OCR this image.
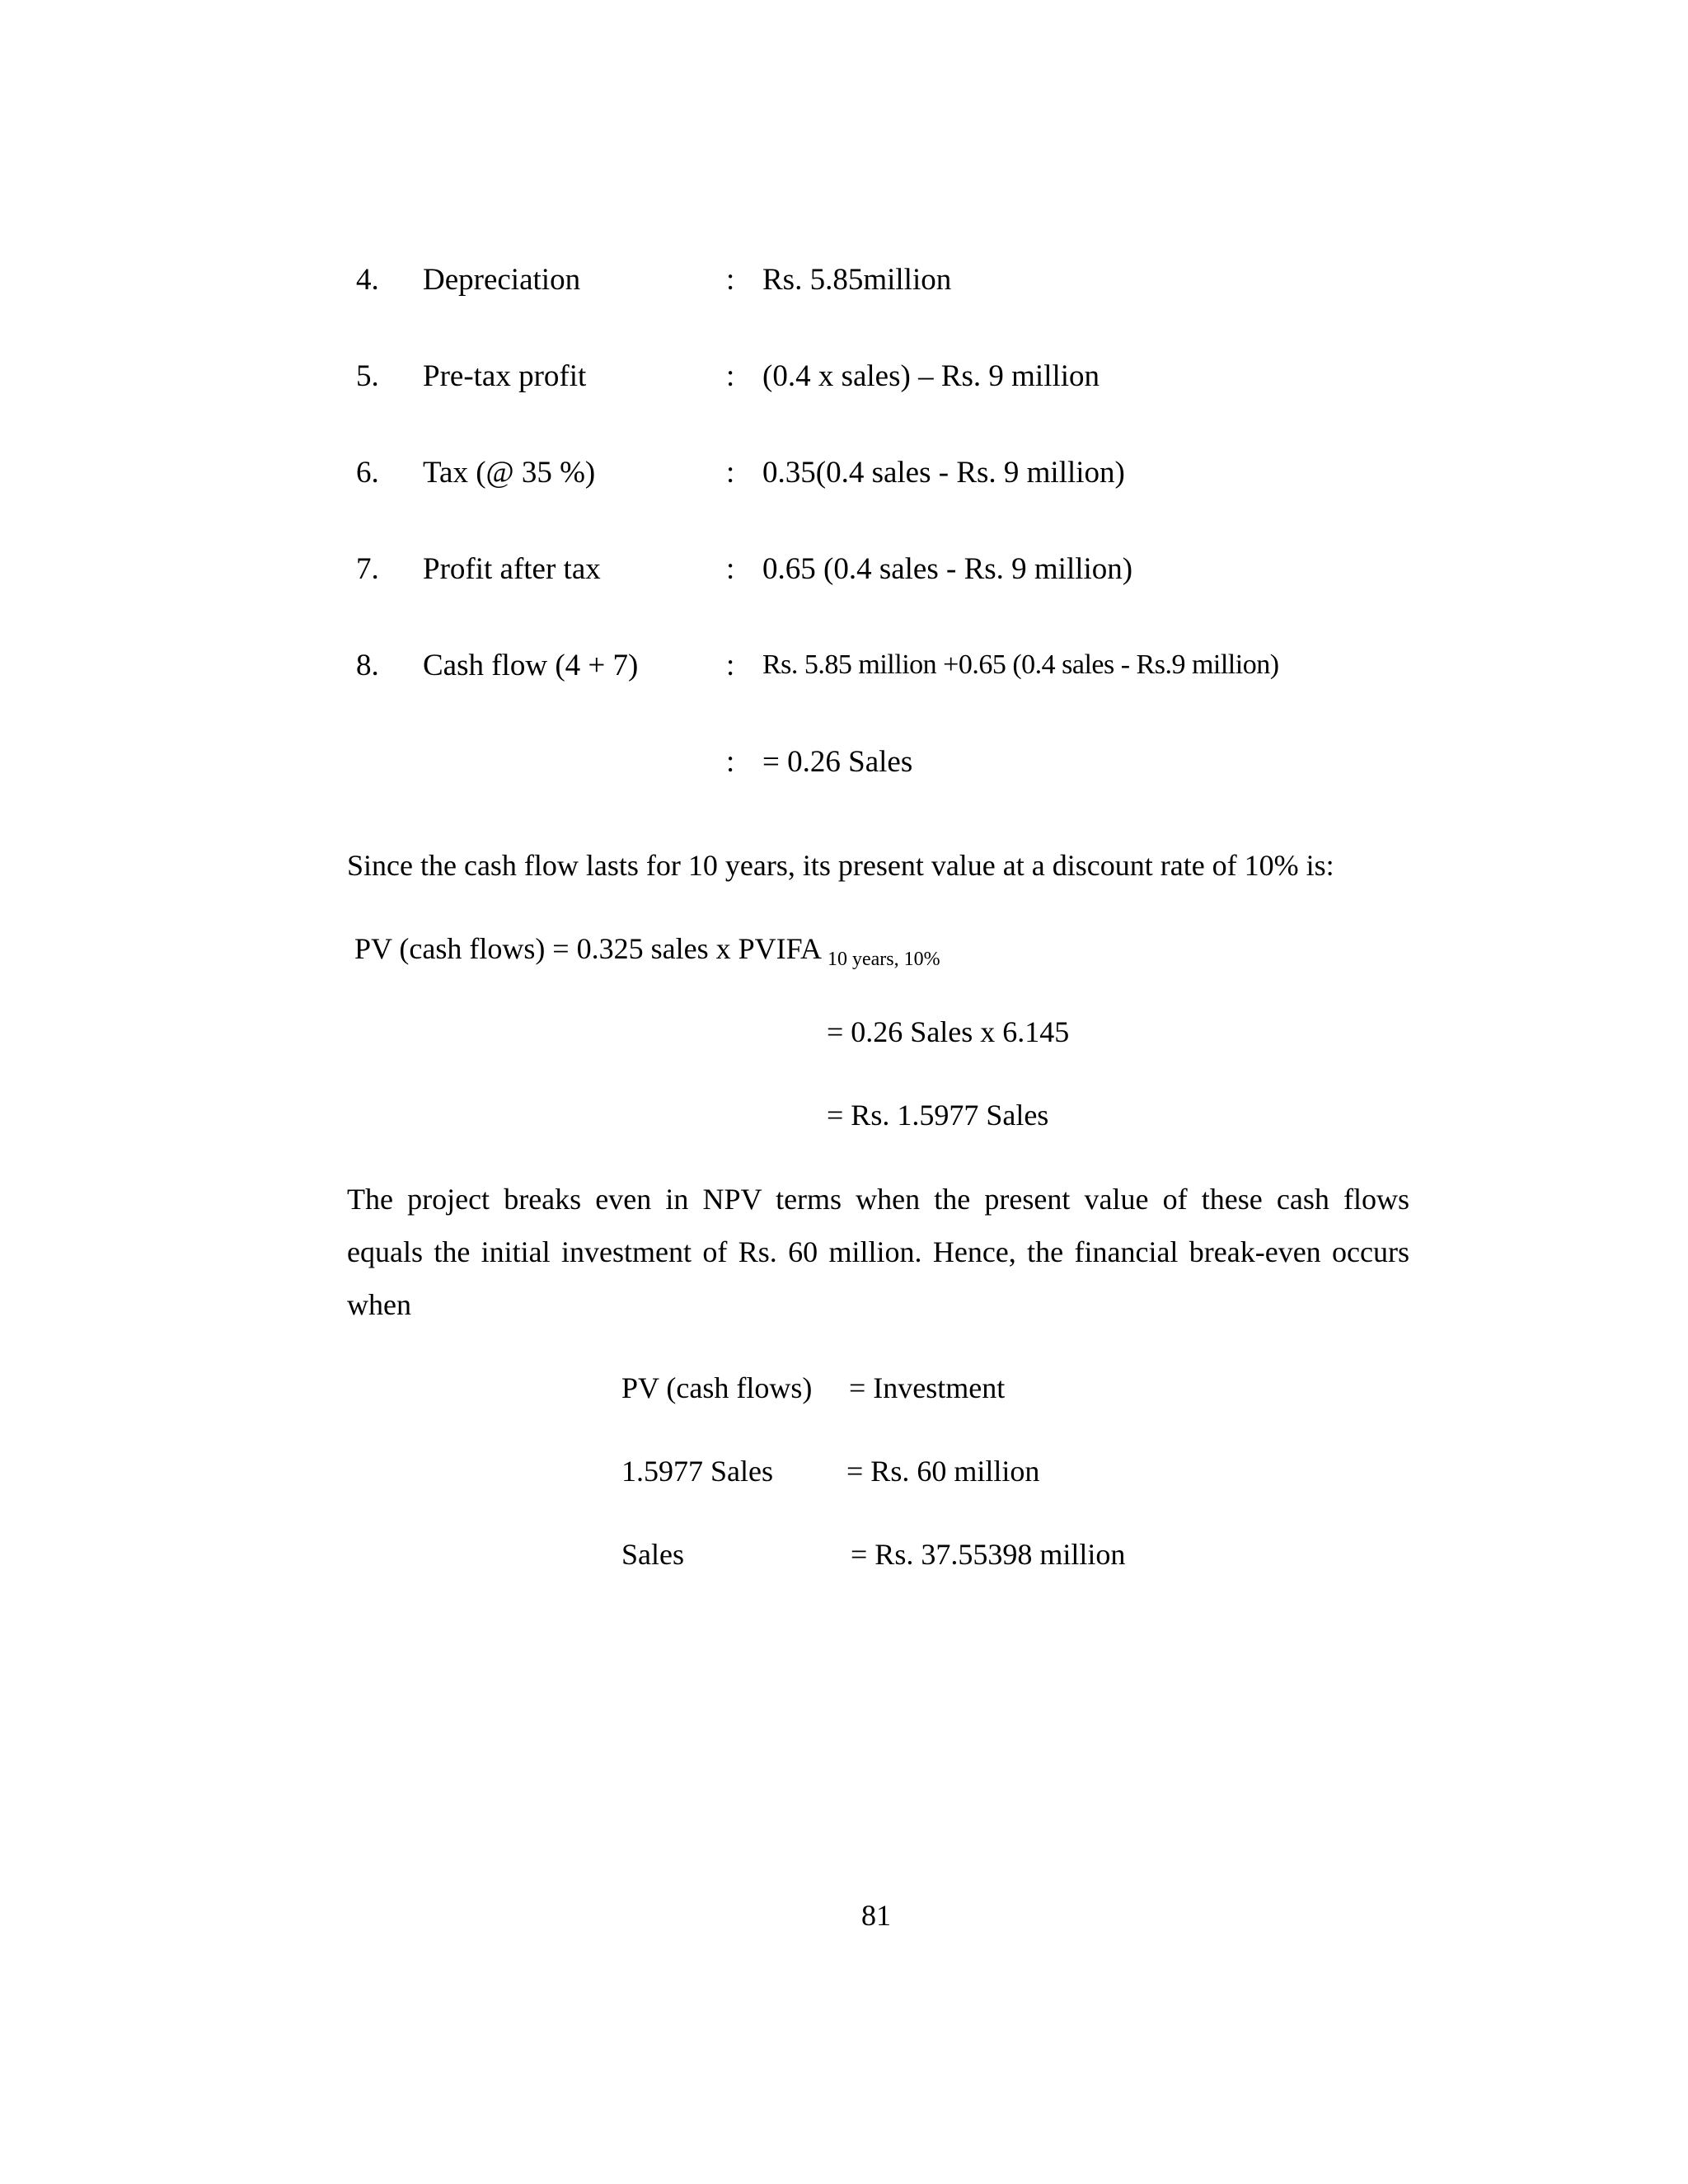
4. Depreciation	: Rs. 5.85million
5. Pre-tax profit	: (0.4 x sales) – Rs. 9 million
6. Tax (@ 35 %)	: 0.35(0.4 sales - Rs. 9 million)
7. Profit after tax	: 0.65 (0.4 sales - Rs. 9 million)
8. Cash flow (4 + 7)	: Rs. 5.85 million +0.65 (0.4 sales - Rs.9 million)
: = 0.26 Sales
Since the cash flow lasts for 10 years, its present value at a discount rate of 10% is:
PV (cash flows) = 0.325 sales x PVIFA $_{10 years, 10\%}$
= 0.26 Sales x 6.145
= Rs. 1.5977 Sales
The project breaks even in NPV terms when the present value of these cash flows
equals the initial investment of Rs. 60 million. Hence, the financial break-even occurs
when
PV (cash flows) = Investment
1.5977 Sales = Rs. 60 million
Sales	= Rs. 37.55398 million
81
